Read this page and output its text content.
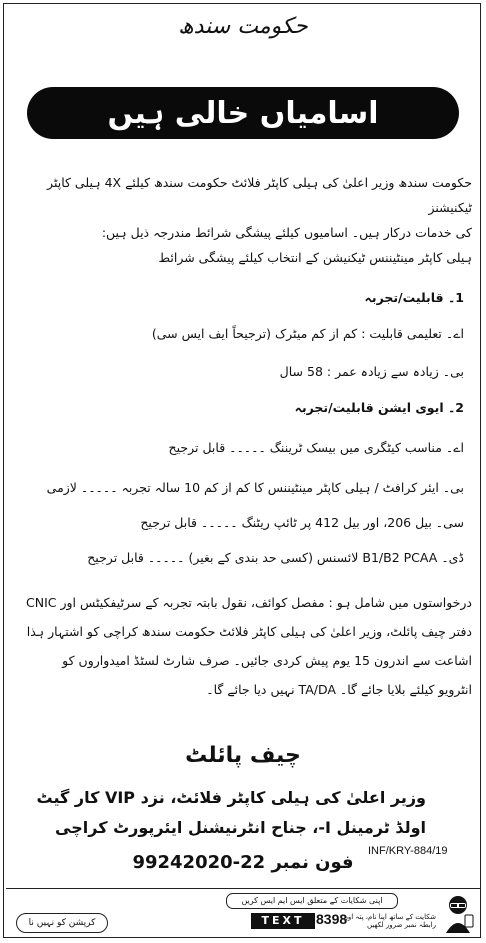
حکومت سندھ
اسامیاں خالی ہیں
حکومت سندھ وزیر اعلیٰ کی ہیلی کاپٹر فلائٹ حکومت سندھ کیلئے 4X ہیلی کاپٹر ٹیکنیشنز
کی خدمات درکار ہیں۔ اسامیوں کیلئے پیشگی شرائط مندرجہ ذیل ہیں:
ہیلی کاپٹر مینٹیننس ٹیکنیشن کے انتخاب کیلئے پیشگی شرائط
1۔ قابلیت/تجربہ
اے۔ تعلیمی قابلیت : کم از کم میٹرک (ترجیحاً ایف ایس سی)
بی۔ زیادہ سے زیادہ عمر : 58 سال
2۔ ایوی ایشن قابلیت/تجربہ
اے۔ مناسب کیٹگری میں بیسک ٹریننگ ۔۔۔۔۔ قابل ترجیح
بی۔ ایئر کرافٹ / ہیلی کاپٹر مینٹیننس کا کم از کم 10 سالہ تجربہ ۔۔۔۔۔ لازمی
سی۔ بیل 206، اور بیل 412 پر ٹائپ ریٹنگ ۔۔۔۔۔ قابل ترجیح
ڈی۔ B1/B2 PCAA لائسنس (کسی حد بندی کے بغیر) ۔۔۔۔۔ قابل ترجیح
درخواستوں میں شامل ہو : مفصل کوائف، نقول بابتہ تجربہ کے سرٹیفکیٹس اور CNIC
دفتر چیف پائلٹ، وزیر اعلیٰ کی ہیلی کاپٹر فلائٹ حکومت سندھ کراچی کو اشتہار ہذا
اشاعت سے اندرون 15 یوم پیش کردی جائیں۔ صرف شارٹ لسٹڈ امیدواروں کو
انٹرویو کیلئے بلایا جائے گا۔ TA/DA نہیں دیا جائے گا۔
چیف پائلٹ
وزیر اعلیٰ کی ہیلی کاپٹر فلائٹ، نزد VIP کار گیٹ
اولڈ ٹرمینل I-، جناح انٹرنیشنل ایئرپورٹ کراچی
فون نمبر 22-99242020
INF/KRY-884/19
کرپشن کو نہیں نا
اپنی شکایات کے متعلق ایس ایم ایس کریں
TEXT 8398
شکایت کے ساتھ اپنا نام، پتہ اور رابطہ نمبر ضرور لکھیں
